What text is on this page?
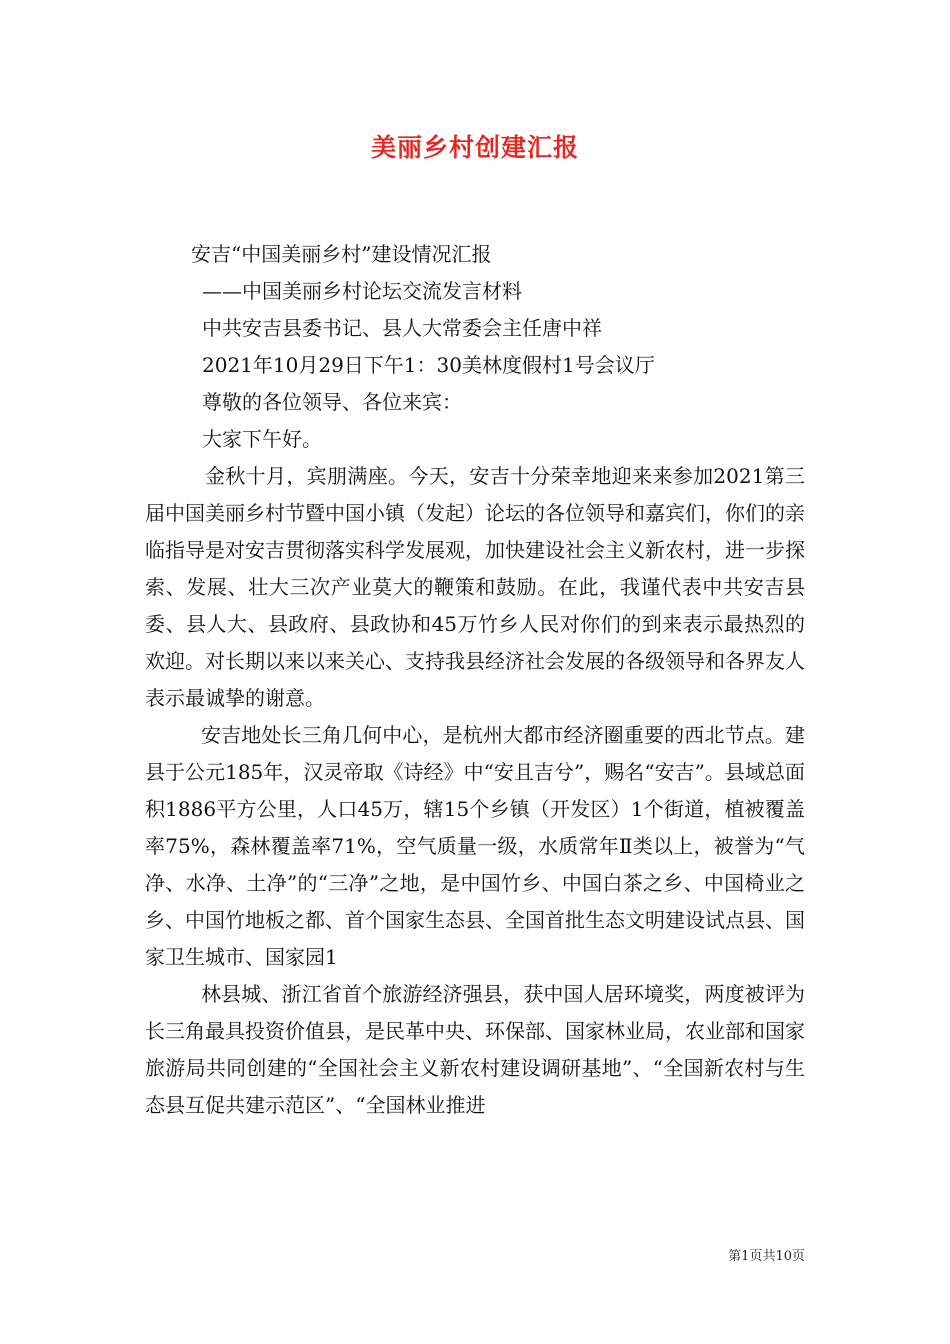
美丽乡村创建汇报
安吉“中国美丽乡村”建设情况汇报
——中国美丽乡村论坛交流发言材料
中共安吉县委书记、县人大常委会主任唐中祥
2021年10月29日下午1：30美林度假村1号会议厅
尊敬的各位领导、各位来宾：
大家下午好。
金秋十月，宾朋满座。今天，安吉十分荣幸地迎来来参加2021第三届中国美丽乡村节暨中国小镇（发起）论坛的各位领导和嘉宾们，你们的亲临指导是对安吉贯彻落实科学发展观，加快建设社会主义新农村，进一步探索、发展、壮大三次产业莫大的鞭策和鼓励。在此，我谨代表中共安吉县委、县人大、县政府、县政协和45万竹乡人民对你们的到来表示最热烈的欢迎。对长期以来以来关心、支持我县经济社会发展的各级领导和各界友人表示最诚挚的谢意。
安吉地处长三角几何中心，是杭州大都市经济圈重要的西北节点。建县于公元185年，汉灵帝取《诗经》中“安且吉兮”，赐名“安吉”。县域总面积1886平方公里，人口45万，辖15个乡镇（开发区）1个街道，植被覆盖率75%，森林覆盖率71%，空气质量一级，水质常年Ⅱ类以上，被誉为“气净、水净、土净”的“三净”之地，是中国竹乡、中国白茶之乡、中国椅业之乡、中国竹地板之都、首个国家生态县、全国首批生态文明建设试点县、国家卫生城市、国家园1
林县城、浙江省首个旅游经济强县，获中国人居环境奖，两度被评为长三角最具投资价值县，是民革中央、环保部、国家林业局，农业部和国家旅游局共同创建的“全国社会主义新农村建设调研基地”、“全国新农村与生态县互促共建示范区”、“全国林业推进
第1页共10页
